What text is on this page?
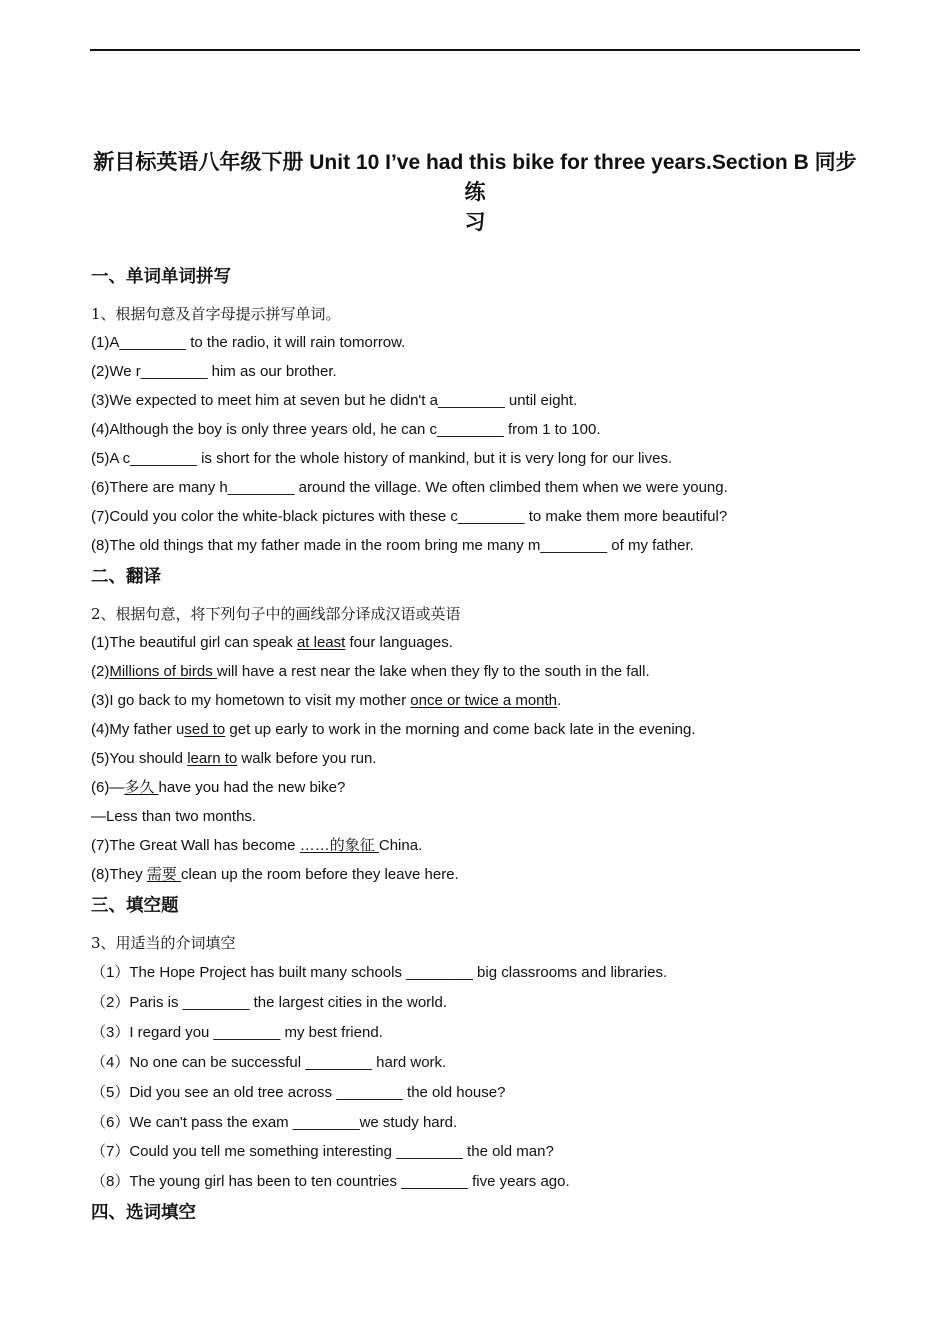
新目标英语八年级下册 Unit 10 I’ve had this bike for three years.Section B 同步练
习
一、单词单词拼写
1、根据句意及首字母提示拼写单词。
(1)A________ to the radio, it will rain tomorrow.
(2)We r________ him as our brother.
(3)We expected to meet him at seven but he didn't a________ until eight.
(4)Although the boy is only three years old, he can c________ from 1 to 100.
(5)A c________ is short for the whole history of mankind, but it is very long for our lives.
(6)There are many h________ around the village. We often climbed them when we were young.
(7)Could you color the white-black pictures with these c________ to make them more beautiful?
(8)The old things that my father made in the room bring me many m________ of my father.
二、翻译
2、根据句意，将下列句子中的画线部分译成汉语或英语
(1)The beautiful girl can speak at least four languages.
(2)Millions of birds will have a rest near the lake when they fly to the south in the fall.
(3)I go back to my hometown to visit my mother once or twice a month.
(4)My father used to get up early to work in the morning and come back late in the evening.
(5)You should learn to walk before you run.
(6)—多久 have you had the new bike?
—Less than two months.
(7)The Great Wall has become ……的象征 China.
(8)They 需要 clean up the room before they leave here.
三、填空题
3、用适当的介词填空
（1）The Hope Project has built many schools ________ big classrooms and libraries.
（2）Paris is ________ the largest cities in the world.
（3）I regard you ________ my best friend.
（4）No one can be successful ________ hard work.
（5）Did you see an old tree across ________ the old house?
（6）We can't pass the exam ________we study hard.
（7）Could you tell me something interesting ________ the old man?
（8）The young girl has been to ten countries ________ five years ago.
四、选词填空
